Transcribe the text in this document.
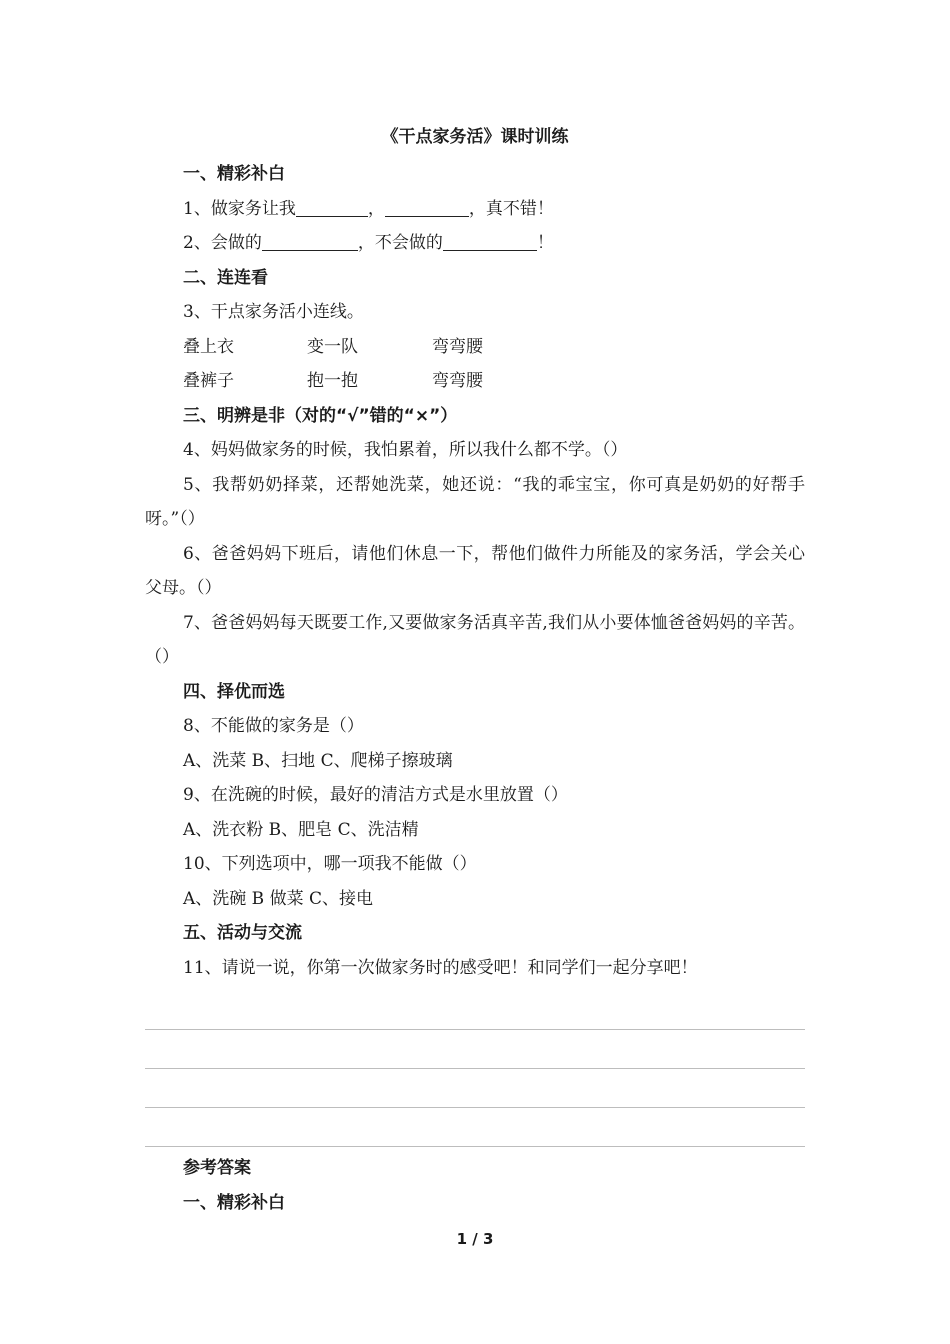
《干点家务活》课时训练
一、精彩补白
1、做家务让我	，	，真不错！
2、会做的	，不会做的	！
二、连连看
3、干点家务活小连线。
叠上衣	变一队	弯弯腰
叠裤子	抱一抱	弯弯腰
三、明辨是非（对的“√”错的“×”）
4、妈妈做家务的时候，我怕累着，所以我什么都不学。（）
5、我帮奶奶择菜，还帮她洗菜，她还说：“我的乖宝宝，你可真是奶奶的好帮手呀。”（）
6、爸爸妈妈下班后，请他们休息一下，帮他们做件力所能及的家务活，学会关心父母。（）
7、爸爸妈妈每天既要工作,又要做家务活真辛苦,我们从小要体恤爸爸妈妈的辛苦。（）
四、择优而选
8、不能做的家务是（）
A、洗菜 B、扫地 C、爬梯子擦玻璃
9、在洗碗的时候，最好的清洁方式是水里放置（）
A、洗衣粉 B、肥皂 C、洗洁精
10、下列选项中，哪一项我不能做（）
A、洗碗 B 做菜 C、接电
五、活动与交流
11、请说一说，你第一次做家务时的感受吧！和同学们一起分享吧！
参考答案
一、精彩补白
1 / 3
